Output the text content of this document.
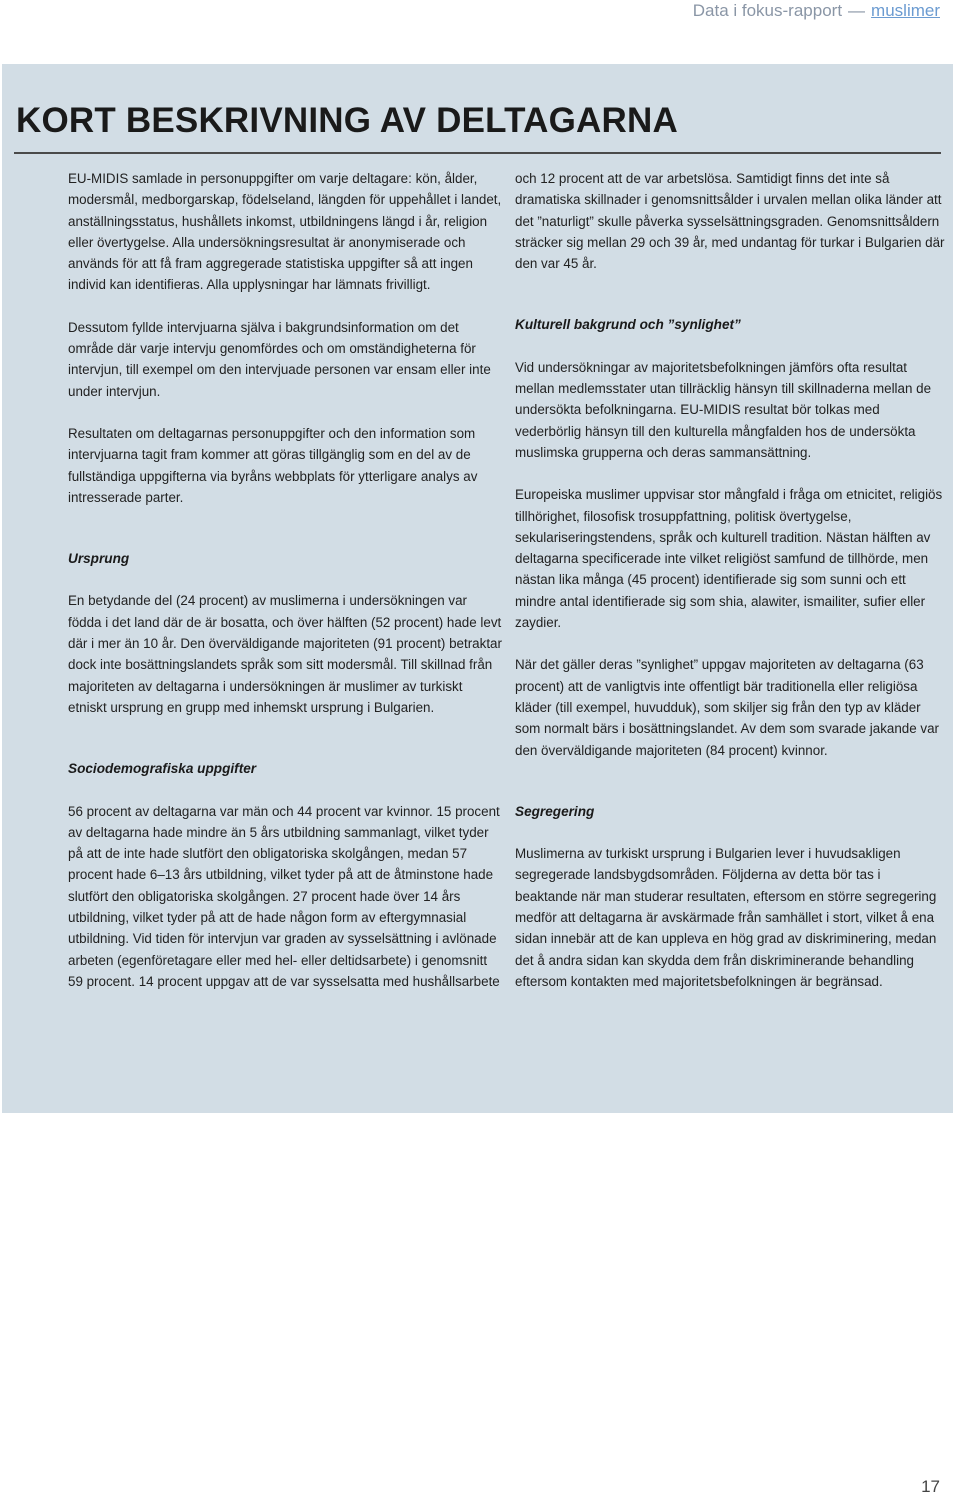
Data i fokus-rapport — muslimer
KORT BESKRIVNING AV DELTAGARNA

EU-MIDIS samlade in personuppgifter om varje deltagare: kön, ålder, modersmål, medborgarskap, födelseland, längden för uppehållet i landet, anställningsstatus, hushållets inkomst, utbildningens längd i år, religion eller övertygelse. Alla undersökningsresultat är anonymiserade och används för att få fram aggregerade statistiska uppgifter så att ingen individ kan identifieras. Alla upplysningar har lämnats frivilligt.

Dessutom fyllde intervjuarna själva i bakgrundsinformation om det område där varje intervju genomfördes och om omständigheterna för intervjun, till exempel om den intervjuade personen var ensam eller inte under intervjun.

Resultaten om deltagarnas personuppgifter och den information som intervjuarna tagit fram kommer att göras tillgänglig som en del av de fullständiga uppgifterna via byråns webbplats för ytterligare analys av intresserade parter.

Ursprung

En betydande del (24 procent) av muslimerna i undersökningen var födda i det land där de är bosatta, och över hälften (52 procent) hade levt där i mer än 10 år. Den överväldigande majoriteten (91 procent) betraktar dock inte bosättningslandets språk som sitt modersmål. Till skillnad från majoriteten av deltagarna i undersökningen är muslimer av turkiskt etniskt ursprung en grupp med inhemskt ursprung i Bulgarien.

Sociodemografiska uppgifter

56 procent av deltagarna var män och 44 procent var kvinnor. 15 procent av deltagarna hade mindre än 5 års utbildning sammanlagt, vilket tyder på att de inte hade slutfört den obligatoriska skolgången, medan 57 procent hade 6–13 års utbildning, vilket tyder på att de åtminstone hade slutfört den obligatoriska skolgången. 27 procent hade över 14 års utbildning, vilket tyder på att de hade någon form av eftergymnasial utbildning. Vid tiden för intervjun var graden av sysselsättning i avlönade arbeten (egenföretagare eller med hel- eller deltidsarbete) i genomsnitt 59 procent. 14 procent uppgav att de var sysselsatta med hushållsarbete

och 12 procent att de var arbetslösa. Samtidigt finns det inte så dramatiska skillnader i genomsnittsålder i urvalen mellan olika länder att det ”naturligt” skulle påverka sysselsättningsgraden. Genomsnittsåldern sträcker sig mellan 29 och 39 år, med undantag för turkar i Bulgarien där den var 45 år.

Kulturell bakgrund och ”synlighet”

Vid undersökningar av majoritetsbefolkningen jämförs ofta resultat mellan medlemsstater utan tillräcklig hänsyn till skillnaderna mellan de undersökta befolkningarna. EU-MIDIS resultat bör tolkas med vederbörlig hänsyn till den kulturella mångfalden hos de undersökta muslimska grupperna och deras sammansättning.

Europeiska muslimer uppvisar stor mångfald i fråga om etnicitet, religiös tillhörighet, filosofisk trosuppfattning, politisk övertygelse, sekulariseringstendens, språk och kulturell tradition. Nästan hälften av deltagarna specificerade inte vilket religiöst samfund de tillhörde, men nästan lika många (45 procent) identifierade sig som sunni och ett mindre antal identifierade sig som shia, alawiter, ismailiter, sufier eller zaydier.

När det gäller deras ”synlighet” uppgav majoriteten av deltagarna (63 procent) att de vanligtvis inte offentligt bär traditionella eller religiösa kläder (till exempel, huvudduk), som skiljer sig från den typ av kläder som normalt bärs i bosättningslandet. Av dem som svarade jakande var den överväldigande majoriteten (84 procent) kvinnor.

Segregering

Muslimerna av turkiskt ursprung i Bulgarien lever i huvudsakligen segregerade landsbygdsområden. Följderna av detta bör tas i beaktande när man studerar resultaten, eftersom en större segregering medför att deltagarna är avskärmade från samhället i stort, vilket å ena sidan innebär att de kan uppleva en hög grad av diskriminering, medan det å andra sidan kan skydda dem från diskriminerande behandling eftersom kontakten med majoritetsbefolkningen är begränsad.

17
